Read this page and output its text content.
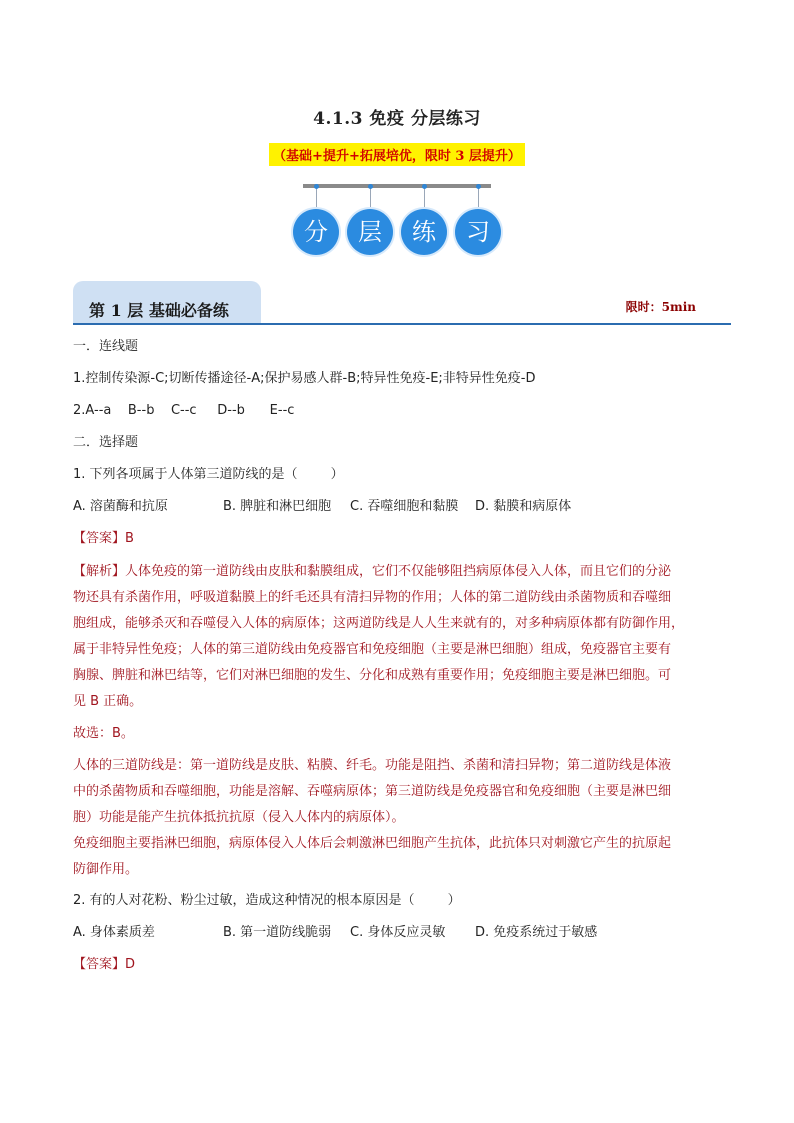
4.1.3 免疫 分层练习
（基础+提升+拓展培优，限时 3 层提升）
分	层	练	习
第 1 层 基础必备练	限时：5min
一．连线题
1.控制传染源-C;切断传播途径-A;保护易感人群-B;特异性免疫-E;非特异性免疫-D
2.A--a    B--b    C--c     D--b      E--c
二．选择题
1. 下列各项属于人体第三道防线的是（        ）
A. 溶菌酶和抗原	B. 脾脏和淋巴细胞 C. 吞噬细胞和黏膜 D. 黏膜和病原体
【答案】B
【解析】人体免疫的第一道防线由皮肤和黏膜组成，它们不仅能够阻挡病原体侵入人体，而且它们的分泌
物还具有杀菌作用，呼吸道黏膜上的纤毛还具有清扫异物的作用；人体的第二道防线由杀菌物质和吞噬细
胞组成，能够杀灭和吞噬侵入人体的病原体；这两道防线是人人生来就有的，对多种病原体都有防御作用，
属于非特异性免疫；人体的第三道防线由免疫器官和免疫细胞（主要是淋巴细胞）组成，免疫器官主要有
胸腺、脾脏和淋巴结等，它们对淋巴细胞的发生、分化和成熟有重要作用；免疫细胞主要是淋巴细胞。可
见 B 正确。
故选：B。
人体的三道防线是：第一道防线是皮肤、粘膜、纤毛。功能是阻挡、杀菌和清扫异物；第二道防线是体液
中的杀菌物质和吞噬细胞，功能是溶解、吞噬病原体；第三道防线是免疫器官和免疫细胞（主要是淋巴细
胞）功能是能产生抗体抵抗抗原（侵入人体内的病原体）。
免疫细胞主要指淋巴细胞，病原体侵入人体后会刺激淋巴细胞产生抗体，此抗体只对刺激它产生的抗原起
防御作用。
2. 有的人对花粉、粉尘过敏，造成这种情况的根本原因是（        ）
A. 身体素质差	B. 第一道防线脆弱 C. 身体反应灵敏 D. 免疫系统过于敏感
【答案】D
